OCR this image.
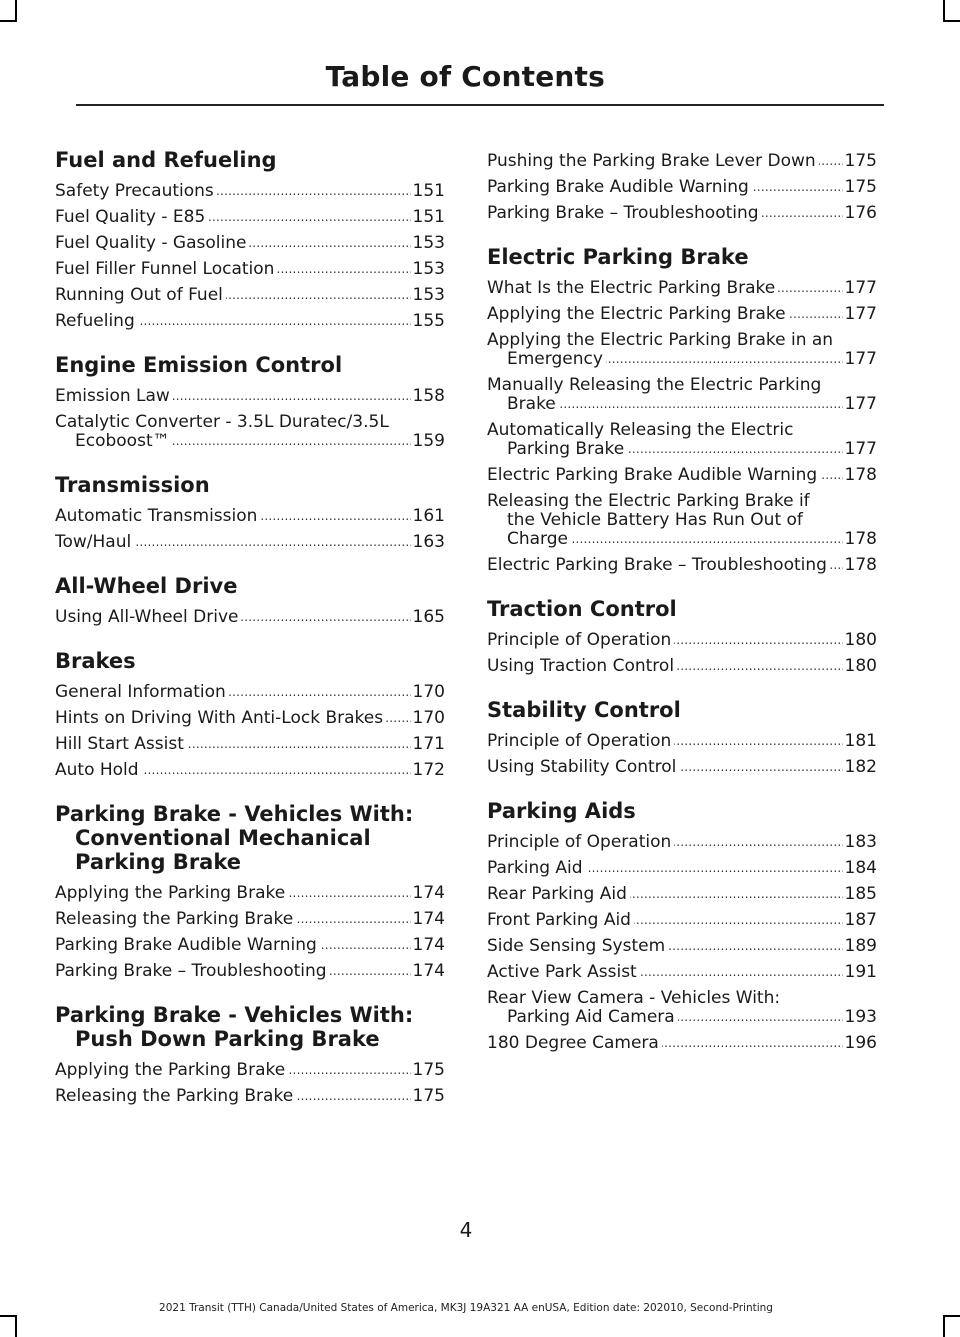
Table of Contents
Fuel and Refueling
Safety Precautions . . .	151
Fuel Quality - E85 . . .	151
Fuel Quality - Gasoline . . .	153
Fuel Filler Funnel Location . . .	153
Running Out of Fuel . . .	153
Refueling . . .	155
Engine Emission Control
Emission Law . . .	158
Catalytic Converter - 3.5L Duratec/3.5L Ecoboost™ . . .	159
Transmission
Automatic Transmission . . .	161
Tow/Haul . . .	163
All-Wheel Drive
Using All-Wheel Drive . . .	165
Brakes
General Information . . .	170
Hints on Driving With Anti-Lock Brakes . . .	170
Hill Start Assist . . .	171
Auto Hold . . .	172
Parking Brake - Vehicles With: Conventional Mechanical Parking Brake
Applying the Parking Brake . . .	174
Releasing the Parking Brake . . .	174
Parking Brake Audible Warning . . .	174
Parking Brake – Troubleshooting . . .	174
Parking Brake - Vehicles With: Push Down Parking Brake
Applying the Parking Brake . . .	175
Releasing the Parking Brake . . .	175
Pushing the Parking Brake Lever Down . . .	175
Parking Brake Audible Warning . . .	175
Parking Brake – Troubleshooting . . .	176
Electric Parking Brake
What Is the Electric Parking Brake . . .	177
Applying the Electric Parking Brake . . .	177
Applying the Electric Parking Brake in an Emergency . . .	177
Manually Releasing the Electric Parking Brake . . .	177
Automatically Releasing the Electric Parking Brake . . .	177
Electric Parking Brake Audible Warning . . .	178
Releasing the Electric Parking Brake if the Vehicle Battery Has Run Out of Charge . . .	178
Electric Parking Brake – Troubleshooting . . .	178
Traction Control
Principle of Operation . . .	180
Using Traction Control . . .	180
Stability Control
Principle of Operation . . .	181
Using Stability Control . . .	182
Parking Aids
Principle of Operation . . .	183
Parking Aid . . .	184
Rear Parking Aid . . .	185
Front Parking Aid . . .	187
Side Sensing System . . .	189
Active Park Assist . . .	191
Rear View Camera - Vehicles With: Parking Aid Camera . . .	193
180 Degree Camera . . .	196
4
2021 Transit (TTH) Canada/United States of America, MK3J 19A321 AA enUSA, Edition date: 202010, Second-Printing
